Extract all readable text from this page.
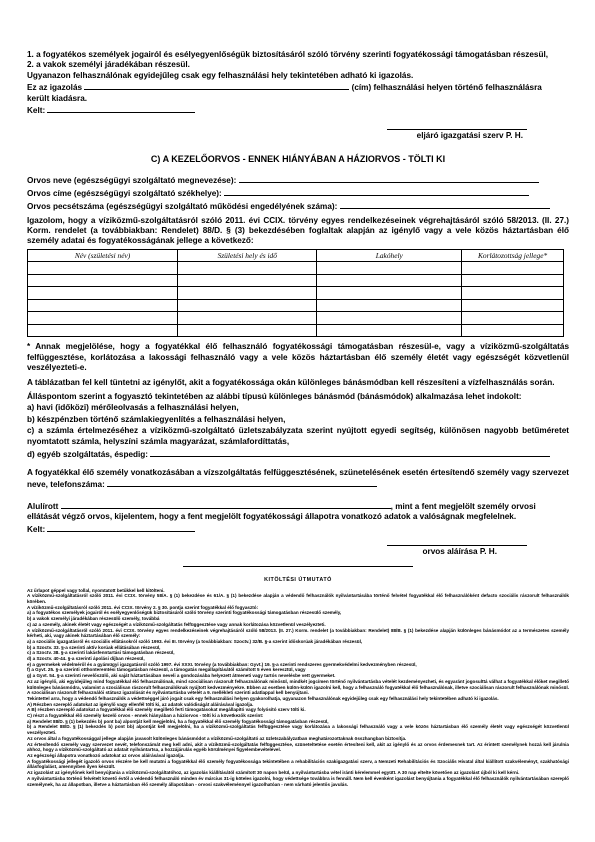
1. a fogyatékos személyek jogairól és esélyegyenlőségük biztosításáról szóló törvény szerinti fogyatékossági támogatásban részesül,

2. a vakok személyi járadékában részesül.

Ugyanazon felhasználónak egyidejűleg csak egy felhasználási hely tekintetében adható ki igazolás.

Ez az igazolás	(cím) felhasználási helyen történő felhasználásra

került kiadásra.

Kelt:
eljáró igazgatási szerv P. H.
C) A KEZELŐORVOS - ENNEK HIÁNYÁBAN A HÁZIORVOS - TÖLTI KI
Orvos neve (egészségügyi szolgáltató megnevezése):
Orvos címe (egészségügyi szolgáltató székhelye):
Orvos pecsétszáma (egészségügyi szolgáltató működési engedélyének száma):

Igazolom, hogy a víziközmű-szolgáltatásról szóló 2011. évi CCIX. törvény egyes rendelkezéseinek végrehajtásáról szóló 58/2013. (II. 27.) Korm. rendelet (a továbbiakban: Rendelet) 88/D. § (3) bekezdésében foglaltak alapján az igénylő vagy a vele közös háztartásban élő személy adatai és fogyatékosságának jellege a következő:

Név (születési név)	Születési hely és idő	Lakóhely	Korlátozottság jellege*

* Annak megjelölése, hogy a fogyatékkal élő felhasználó fogyatékossági támogatásban részesül-e, vagy a víziközmű-szolgáltatás felfüggesztése, korlátozása a lakossági felhasználó vagy a vele közös háztartásban élő személy életét vagy egészségét közvetlenül veszélyezteti-e.

A táblázatban fel kell tüntetni az igénylőt, akit a fogyatékossága okán különleges bánásmódban kell részesíteni a vízfelhasználás során.

Álláspontom szerint a fogyasztó tekintetében az alábbi típusú különleges bánásmód (bánásmódok) alkalmazása lehet indokolt:

a) havi (időközi) mérőleolvasás a felhasználási helyen,

b) készpénzben történő számlakiegyenlítés a felhasználási helyen,

c) a számla értelmezéséhez a víziközmű-szolgáltató üzletszabályzata szerint nyújtott egyedi segítség, különösen nagyobb betűméretet nyomtatott számla, helyszíni számla magyarázat, számlafordíttatás,

d) egyéb szolgáltatás, éspedig:

A fogyatékkal élő személy vonatkozásában a vízszolgáltatás felfüggesztésének, szünetelésének esetén értesítendő személy vagy szervezet neve, telefonszáma:

Alulírott	, mint a fent megjelölt személy orvosi

ellátását végző orvos, kijelentem, hogy a fent megjelölt fogyatékossági állapotra vonatkozó adatok a valóságnak megfelelnek.

Kelt:
orvos aláírása P. H.
KITÖLTÉSI ÚTMUTATÓ

Az űrlapot géppel vagy tollal, nyomtatott betűkkel kell kitölteni.

A víziközmű-szolgáltatásról szóló 2011. évi CCIX. törvény 58/A. § (1) bekezdése és 61/A. § (1) bekezdése alapján a védendő felhasználók nyilvántartásába történő felvétel fogyatékkal élő felhasználóként defacto szociális rászorult felhasználók körében.

A víziközmű-szolgáltatásról szóló 2011. évi CCIX. törvény 2. § 30. pontja szerint fogyatékkal élő fogyasztó:

a) a fogyatékos személyek jogairól és esélyegyenlőségük biztosításáról szóló törvény szerinti fogyatékossági támogatásban részesülő személy,

b) a vakok személyi járadékában részesülő személy, továbbá

c) az a személy, akinek életét vagy egészségét a víziközmű-szolgáltatás felfüggesztése vagy annak korlátozása közvetlenül veszélyezteti.

A víziközmű-szolgáltatásról szóló 2011. évi CCIX. törvény egyes rendelkezéseinek végrehajtásáról szóló 58/2013. (II. 27.) Korm. rendelet (a továbbiakban: Rendelet) 88/B. § (1) bekezdése alapján különleges bánásmódot az a természetes személy kérheti, aki, vagy akinek háztartásában élő személy:

a) a szociális igazgatásról és szociális ellátásokról szóló 1993. évi III. törvény (a továbbiakban: Szoctv.) 32/B. §-a szerint időskorúak járadékában részesül,

b) a Szoctv. 33. §-a szerinti aktív korúak ellátásában részesül,

c) a Szoctv. 38. §-a szerinti lakásfenntartási támogatásban részesül,

d) a Szoctv. 40-44. §-a szerinti ápolási díjban részesül,

e) a gyermekek védelméről és a gyámügyi igazgatásról szóló 1997. évi XXXI. törvény (a továbbiakban: Gyvt.) 19. §-a szerinti rendszeres gyermekvédelmi kedvezményben részesül,

f) a Gyvt. 25. §-a szerinti otthonteremtési támogatásban részesül, a támogatás megállapításától számított 5 éven keresztül, vagy

g) a Gyvt. 54. §-a szerinti nevelőszülő, aki saját háztartásában neveli a gondozásába helyezett átmeneti vagy tartós nevelésbe vett gyermeket.

Az az igénylő, aki egyidejűleg mind fogyatékkal élő felhasználónak, mind szociálisan rászorult felhasználónak minősül, mindkét jogcímen történő nyilvántartásba vételét kezdeményezheti, és egyaránt jogosulttá válhat a fogyatékkal élőket megillető különleges bánásmódra, valamint a szociálisan rászorult felhasználóknak nyújtott kedvezményekre. Ebben az esetben külön-külön igazolni kell, hogy a felhasználó fogyatékkal élő felhasználónak, illetve szociálisan rászorult felhasználónak minősül. A szociálisan rászorult felhasználói státusz igazolását és nyilvántartásba vételét a 9. mellékleti szerinti adatlappal kell benyújtani.

Tekintettel arra, hogy a védendő felhasználók a védettséggel járó jogait csak egy felhasználási helyen gyakorolhatja, ugyanazon felhasználónak egyidejűleg csak egy felhasználási hely tekintetében adható ki igazolás.

A) Részben szereplő adatokat az igénylő vagy ellenfél tölti ki, az adatok valódiságát aláírásával igazolja.

A B) részben szereplő adatokat a fogyatékkal élő személy megillető ferti támogatásokat megállapító vagy folyósító szerv tölti ki.

C) részt a fogyatékkal élő személy kezelő orvos - ennek hiányában a háziorvos - tölti ki a következők szerint:

a) Rendelet 88/D. § (1) bekezdés b) pont ba) alpontját kell megjelölni, ha a fogyatékkal élő személy fogyatékossági támogatásban részesül,

b) a Rendelet 88/D. § (1) bekezdés b) pont bb) alpontját kell megjelölni, ha a víziközmű-szolgáltatás felfüggesztése vagy korlátozása a lakossági felhasználó vagy a vele közös háztartásban élő személy életét vagy egészségét közvetlenül veszélyezteti.

Az orvos által a fogyatékossággal jellege alapján javasolt különleges bánásmódot a víziközmű-szolgáltató az üzletszabályzatban meghatározottaknak összhangban biztosítja.

Az értesítendő személy vagy szervezet nevét, telefonszámát meg kell adni, akit a víziközmű-szolgáltatás felfüggesztése, szüneteltetése esetén értesíteni kell, akit az igénylő és az orvos érdemesnek tart. Az érintett személynek hozzá kell járulnia ahhoz, hogy a víziközmű-szolgáltató az adatait nyilvántartsa, a hozzájárulás egyéb körülményei figyelembevételével.

Az egészségi állapotra vonatkozó adatokat az orvos aláírásával igazolja.

A fogyatékossági jellegét igazoló orvos részére be kell mutatni a fogyatékkal élő személy fogyatékossága tekintetében a rehabilitációs szakigazgatási szerv, a Nemzeti Rehabilitációs és Szociális Hivatal által kiállított szakvéleményt, szakhatósági állásfoglalást, amennyiben ilyen készült.

Az igazolást az igénylőnek kell benyújtania a víziközmű-szolgáltatóhoz, az igazolás kiállításától számított 30 napon belül, a nyilvántartásba vétel iránti kérelemmel együtt. A 30 nap eltelte követően az igazolást újból ki kell kérni.

A nyilvántartásba történő felvételt követő évtől a védendő felhasználó minden év március 31-ig köteles igazolni, hogy védettsége továbbra is fennáll. Nem kell évenként igazolást benyújtania a fogyatékkal élő felhasználók nyilvántartásában szereplő személynek, ha az állapotban, illetve a háztartásban élő személy állapotában - orvosi szakvéleménnyel igazolhatóan - nem várható jelentős javulás.
